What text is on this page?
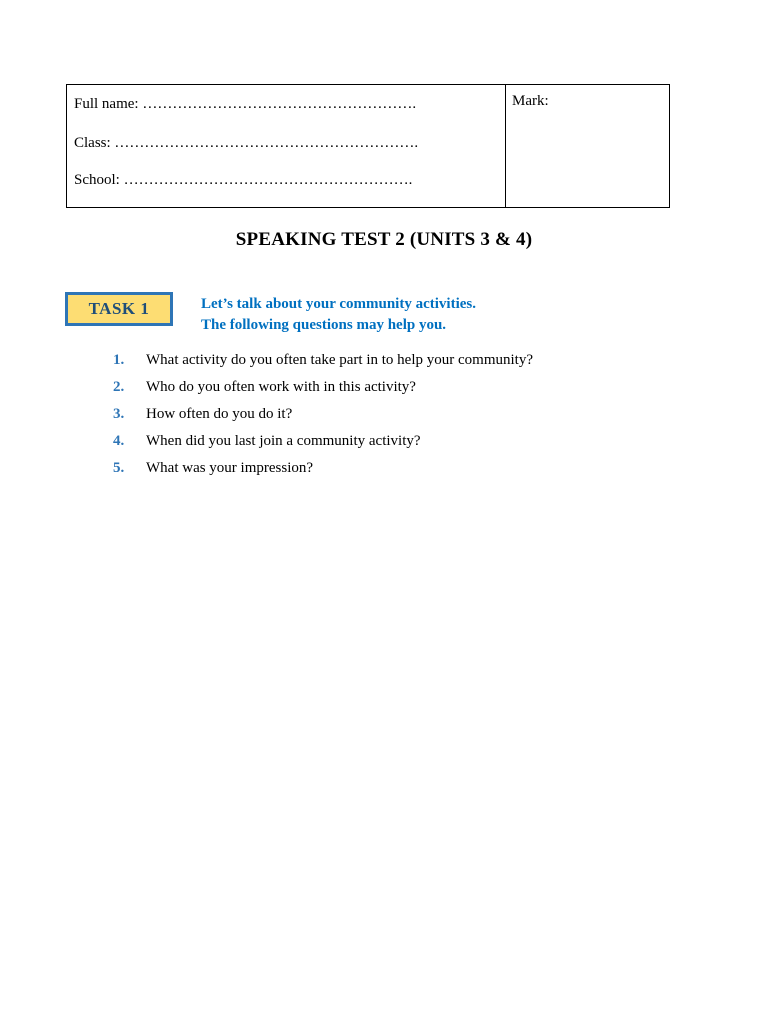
Full name: ……………………………………………….
Class: …………………………………………………….
School: ………………………………………………….
Mark:
SPEAKING TEST 2 (UNITS 3 & 4)
TASK 1	Let’s talk about your community activities.
The following questions may help you.
1. What activity do you often take part in to help your community?
2. Who do you often work with in this activity?
3. How often do you do it?
4. When did you last join a community activity?
5. What was your impression?
